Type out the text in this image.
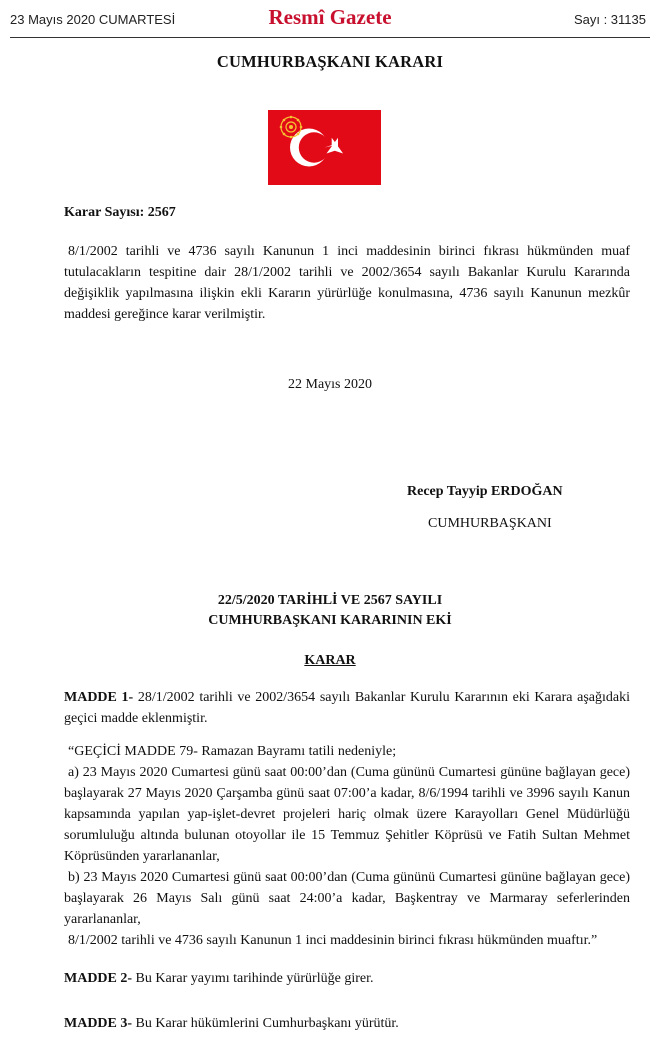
23 Mayıs 2020 CUMARTESİ	Resmî Gazete	Sayı : 31135
CUMHURBAŞKANI KARARI
Karar Sayısı: 2567

8/1/2002 tarihli ve 4736 sayılı Kanunun 1 inci maddesinin birinci fıkrası hükmünden muaf tutulacakların tespitine dair 28/1/2002 tarihli ve 2002/3654 sayılı Bakanlar Kurulu Kararında değişiklik yapılmasına ilişkin ekli Kararın yürürlüğe konulmasına, 4736 sayılı Kanunun mezkûr maddesi gereğince karar verilmiştir.

22 Mayıs 2020
Recep Tayyip ERDOĞAN
CUMHURBAŞKANI
22/5/2020 TARİHLİ VE 2567 SAYILI
CUMHURBAŞKANI KARARININ EKİ
KARAR
MADDE 1- 28/1/2002 tarihli ve 2002/3654 sayılı Bakanlar Kurulu Kararının eki Karara aşağıdaki geçici madde eklenmiştir.

“GEÇİCİ MADDE 79- Ramazan Bayramı tatili nedeniyle;

a) 23 Mayıs 2020 Cumartesi günü saat 00:00’dan (Cuma gününü Cumartesi gününe bağlayan gece) başlayarak 27 Mayıs 2020 Çarşamba günü saat 07:00’a kadar, 8/6/1994 tarihli ve 3996 sayılı Kanun kapsamında yapılan yap-işlet-devret projeleri hariç olmak üzere Karayolları Genel Müdürlüğü sorumluluğu altında bulunan otoyollar ile 15 Temmuz Şehitler Köprüsü ve Fatih Sultan Mehmet Köprüsünden yararlananlar,

b) 23 Mayıs 2020 Cumartesi günü saat 00:00’dan (Cuma gününü Cumartesi gününe bağlayan gece) başlayarak 26 Mayıs Salı günü saat 24:00’a kadar, Başkentray ve Marmaray seferlerinden yararlananlar,

8/1/2002 tarihli ve 4736 sayılı Kanunun 1 inci maddesinin birinci fıkrası hükmünden muaftır.”

MADDE 2- Bu Karar yayımı tarihinde yürürlüğe girer.
MADDE 3- Bu Karar hükümlerini Cumhurbaşkanı yürütür.
